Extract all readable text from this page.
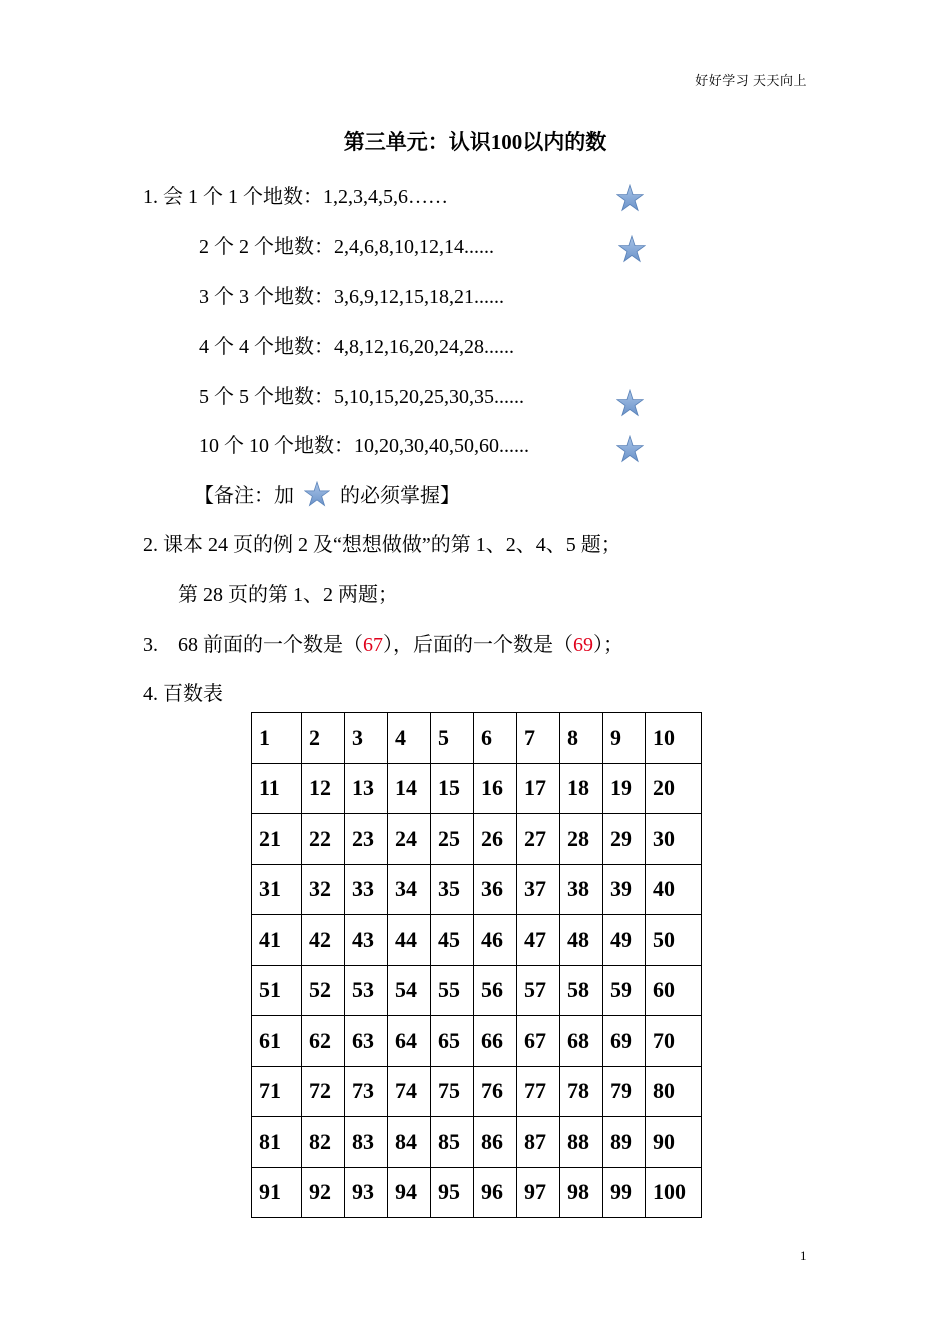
好好学习 天天向上
第三单元：认识100以内的数
1. 会 1 个 1 个地数：1,2,3,4,5,6……
2 个 2 个地数：2,4,6,8,10,12,14......
3 个 3 个地数：3,6,9,12,15,18,21......
4 个 4 个地数：4,8,12,16,20,24,28......
5 个 5 个地数：5,10,15,20,25,30,35......
10 个 10 个地数：10,20,30,40,50,60......
【备注：加 的必须掌握】
2. 课本 24 页的例 2 及“想想做做”的第 1、2、4、5 题；
第 28 页的第 1、2 两题；
3.    68 前面的一个数是（67），后面的一个数是（69）；
4. 百数表
1	2	3	4	5	6	7	8	9	10
11	12	13	14	15	16	17	18	19	20
21	22	23	24	25	26	27	28	29	30
31	32	33	34	35	36	37	38	39	40
41	42	43	44	45	46	47	48	49	50
51	52	53	54	55	56	57	58	59	60
61	62	63	64	65	66	67	68	69	70
71	72	73	74	75	76	77	78	79	80
81	82	83	84	85	86	87	88	89	90
91	92	93	94	95	96	97	98	99	100
1
